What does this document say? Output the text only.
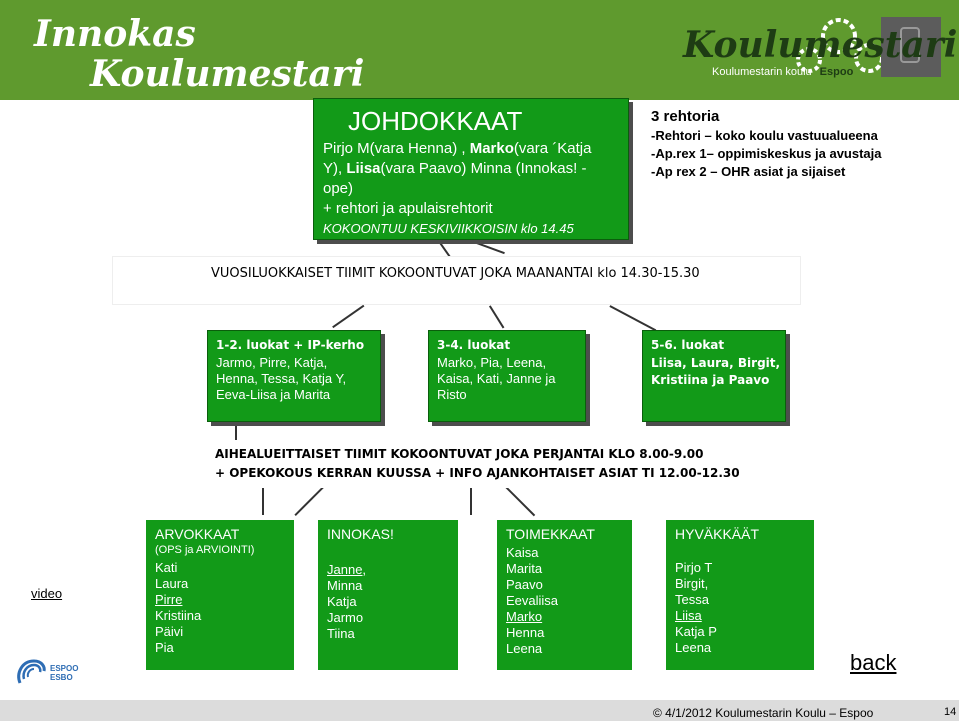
Innokas
Koulumestari
Koulumestari
Koulumestarin koulu Espoo
JOHDOKKAAT
Pirjo M(vara Henna) , Marko(vara ´Katja
Y), Liisa(vara Paavo) Minna (Innokas! -
ope)
+ rehtori ja apulaisrehtorit
KOKOONTUU KESKIVIIKKOISIN klo 14.45
3 rehtoria
-Rehtori – koko koulu vastuualueena
-Ap.rex 1– oppimiskeskus ja avustaja
-Ap rex 2 – OHR asiat ja sijaiset
VUOSILUOKKAISET TIIMIT KOKOONTUVAT JOKA MAANANTAI klo 14.30-15.30
1-2. luokat + IP-kerho
Jarmo, Pirre, Katja,
Henna, Tessa, Katja Y,
Eeva-Liisa ja Marita
3-4. luokat
Marko, Pia, Leena,
Kaisa, Kati, Janne ja
Risto
5-6. luokat
Liisa, Laura, Birgit,
Kristiina ja Paavo
AIHEALUEITTAISET TIIMIT KOKOONTUVAT JOKA PERJANTAI KLO 8.00-9.00
+ OPEKOKOUS KERRAN KUUSSA + INFO AJANKOHTAISET ASIAT TI 12.00-12.30
video
ARVOKKAAT
(OPS ja ARVIOINTI)
Kati
Laura
Pirre
Kristiina
Päivi
Pia
INNOKAS!
Janne,
Minna
Katja
Jarmo
Tiina
TOIMEKKAAT
Kaisa
Marita
Paavo
Eevaliisa
Marko
Henna
Leena
HYVÄKKÄÄT
Pirjo T
Birgit,
Tessa
Liisa
Katja P
Leena
ESPOO
ESBO
back
© 4/1/2012 Koulumestarin Koulu – Espoo	14
